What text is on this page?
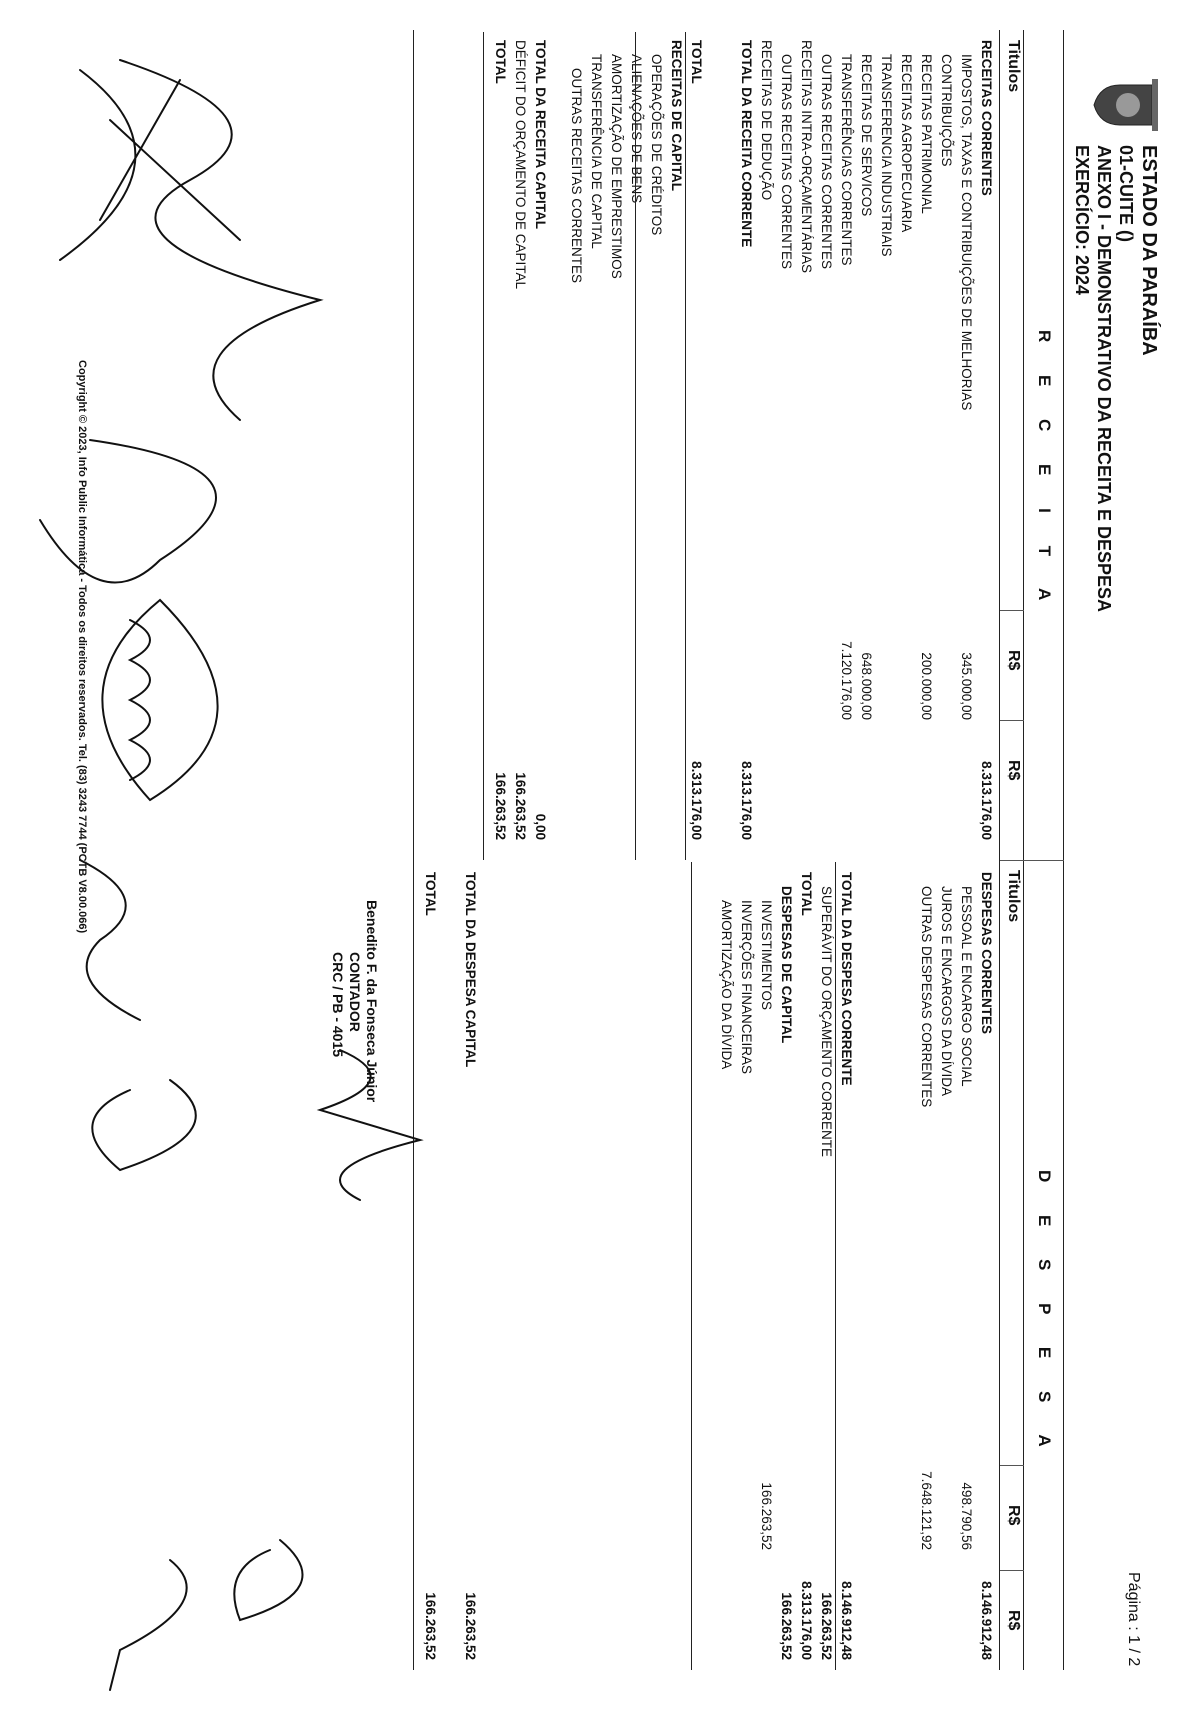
ESTADO DA PARAÍBA
01-CUITE ()
ANEXO I - DEMONSTRATIVO DA RECEITA E DESPESA
EXERCÍCIO: 2024
Página : 1 / 2
R E C E I T A
D E S P E S A
Titulos
R$
R$
Titulos
R$
R$
RECEITAS CORRENTES
8.313.176,00
IMPOSTOS, TAXAS E CONTRIBUIÇÕES DE MELHORIAS
345.000,00
CONTRIBUIÇÕES
RECEITAS PATRIMONIAL
200.000,00
RECEITAS AGROPECUARIA
TRANSFERENCIA INDUSTRIAIS
RECEITAS DE SERVICOS
648.000,00
TRANSFERÊNCIAS CORRENTES
7.120.176,00
OUTRAS RECEITAS CORRENTES
RECEITAS INTRA-ORÇAMENTÁRIAS
OUTRAS RECEITAS CORRENTES
RECEITAS DE DEDUÇÃO
TOTAL DA RECEITA CORRENTE
8.313.176,00
TOTAL
8.313.176,00
RECEITAS DE CAPITAL
OPERAÇÕES DE CRÉDITOS
ALIENAÇÕES DE BENS
AMORTIZAÇÃO DE EMPRESTIMOS
TRANSFERÊNCIA DE CAPITAL
OUTRAS RECEITAS CORRENTES
TOTAL DA RECEITA CAPITAL
0,00
DÉFICIT DO ORÇAMENTO DE CAPITAL
166.263,52
TOTAL
166.263,52
DESPESAS CORRENTES
8.146.912,48
PESSOAL E ENCARGO SOCIAL
498.790,56
JUROS E ENCARGOS DA DÍVIDA
OUTRAS DESPESAS CORRENTES
7.648.121,92
TOTAL DA DESPESA CORRENTE
8.146.912,48
SUPERÁVIT DO ORÇAMENTO CORRENTE
166.263,52
TOTAL
8.313.176,00
DESPESAS DE CAPITAL
166.263,52
INVESTIMENTOS
166.263,52
INVERÇÕES FINANCEIRAS
AMORTIZAÇÃO DA DÍVIDA
TOTAL DA DESPESA CAPITAL
166.263,52
TOTAL
166.263,52
Benedito F. da Fonseca Júnior
CONTADOR
CRC / PB - 4015
Copyright © 2023, Info Public Informática - Todos os direitos reservados. Tel. (83) 3243 7744 (PCTB V8.00.066)
